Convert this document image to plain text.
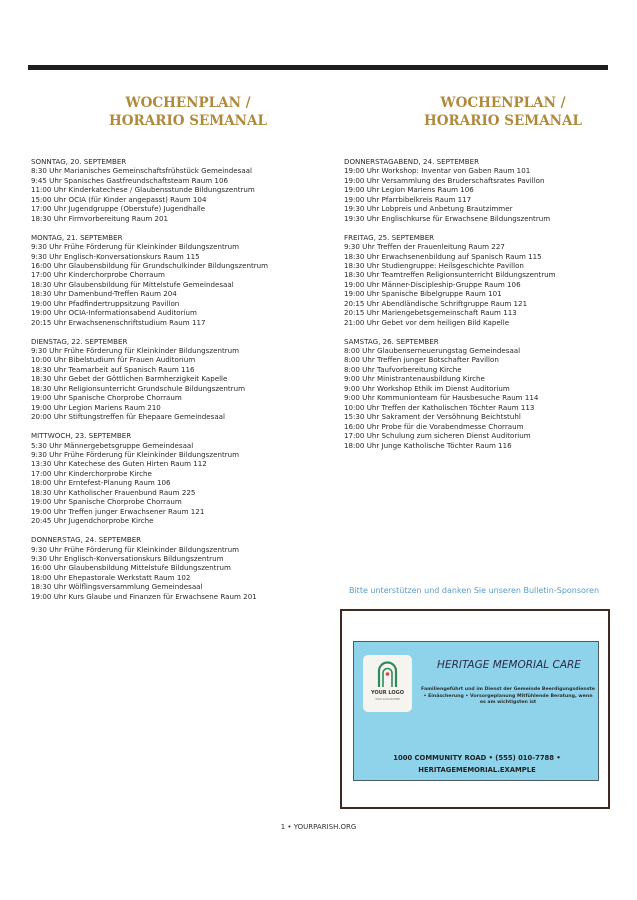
WOCHENPLAN /
HORARIO SEMANAL
WOCHENPLAN /
HORARIO SEMANAL
SONNTAG, 20. SEPTEMBER
8:30 Uhr Marianisches Gemeinschaftsfrühstück Gemeindesaal
9:45 Uhr Spanisches Gastfreundschaftsteam Raum 106
11:00 Uhr Kinderkatechese / Glaubensstunde Bildungszentrum
15:00 Uhr OCIA (für Kinder angepasst) Raum 104
17:00 Uhr Jugendgruppe (Oberstufe) Jugendhalle
18:30 Uhr Firmvorbereitung Raum 201
MONTAG, 21. SEPTEMBER
9:30 Uhr Frühe Förderung für Kleinkinder Bildungszentrum
9:30 Uhr Englisch-Konversationskurs Raum 115
16:00 Uhr Glaubensbildung für Grundschulkinder Bildungszentrum
17:00 Uhr Kinderchorprobe Chorraum
18:30 Uhr Glaubensbildung für Mittelstufe Gemeindesaal
18:30 Uhr Damenbund-Treffen Raum 204
19:00 Uhr Pfadfindertruppsitzung Pavillon
19:00 Uhr OCIA-Informationsabend Auditorium
20:15 Uhr Erwachsenenschriftstudium Raum 117
DIENSTAG, 22. SEPTEMBER
9:30 Uhr Frühe Förderung für Kleinkinder Bildungszentrum
10:00 Uhr Bibelstudium für Frauen Auditorium
18:30 Uhr Teamarbeit auf Spanisch Raum 116
18:30 Uhr Gebet der Göttlichen Barmherzigkeit Kapelle
18:30 Uhr Religionsunterricht Grundschule Bildungszentrum
19:00 Uhr Spanische Chorprobe Chorraum
19:00 Uhr Legion Mariens Raum 210
20:00 Uhr Stiftungstreffen für Ehepaare Gemeindesaal
MITTWOCH, 23. SEPTEMBER
5:30 Uhr Männergebetsgruppe Gemeindesaal
9:30 Uhr Frühe Förderung für Kleinkinder Bildungszentrum
13:30 Uhr Katechese des Guten Hirten Raum 112
17:00 Uhr Kinderchorprobe Kirche
18:00 Uhr Erntefest-Planung Raum 106
18:30 Uhr Katholischer Frauenbund Raum 225
19:00 Uhr Spanische Chorprobe Chorraum
19:00 Uhr Treffen junger Erwachsener Raum 121
20:45 Uhr Jugendchorprobe Kirche
DONNERSTAG, 24. SEPTEMBER
9:30 Uhr Frühe Förderung für Kleinkinder Bildungszentrum
9:30 Uhr Englisch-Konversationskurs Bildungszentrum
16:00 Uhr Glaubensbildung Mittelstufe Bildungszentrum
18:00 Uhr Ehepastorale Werkstatt Raum 102
18:30 Uhr Wölflingsversammlung Gemeindesaal
19:00 Uhr Kurs Glaube und Finanzen für Erwachsene Raum 201
DONNERSTAGABEND, 24. SEPTEMBER
19:00 Uhr Workshop: Inventar von Gaben Raum 101
19:00 Uhr Versammlung des Bruderschaftsrates Pavillon
19:00 Uhr Legion Mariens Raum 106
19:00 Uhr Pfarrbibelkreis Raum 117
19:30 Uhr Lobpreis und Anbetung Brautzimmer
19:30 Uhr Englischkurse für Erwachsene Bildungszentrum
FREITAG, 25. SEPTEMBER
9:30 Uhr Treffen der Frauenleitung Raum 227
18:30 Uhr Erwachsenenbildung auf Spanisch Raum 115
18:30 Uhr Studiengruppe: Heilsgeschichte Pavillon
18:30 Uhr Teamtreffen Religionsunterricht Bildungszentrum
19:00 Uhr Männer-Discipleship-Gruppe Raum 106
19:00 Uhr Spanische Bibelgruppe Raum 101
20:15 Uhr Abendländische Schriftgruppe Raum 121
20:15 Uhr Mariengebetsgemeinschaft Raum 113
21:00 Uhr Gebet vor dem heiligen Bild Kapelle
SAMSTAG, 26. SEPTEMBER
8:00 Uhr Glaubenserneuerungstag Gemeindesaal
8:00 Uhr Treffen junger Botschafter Pavillon
8:00 Uhr Taufvorbereitung Kirche
9:00 Uhr Ministrantenausbildung Kirche
9:00 Uhr Workshop Ethik im Dienst Auditorium
9:00 Uhr Kommunionteam für Hausbesuche Raum 114
10:00 Uhr Treffen der Katholischen Töchter Raum 113
15:30 Uhr Sakrament der Versöhnung Beichtstuhl
16:00 Uhr Probe für die Vorabendmesse Chorraum
17:00 Uhr Schulung zum sicheren Dienst Auditorium
18:00 Uhr Junge Katholische Töchter Raum 116
Bitte unterstützen und danken Sie unseren Bulletin-Sponsoren
YOUR LOGO
YOUR SLOGAN HERE
HERITAGE MEMORIAL CARE
Familiengeführt und im Dienst der Gemeinde Beerdigungsdienste • Einäscherung • Vorsorgeplanung Mitfühlende Beratung, wenn es am wichtigsten ist
1000 COMMUNITY ROAD • (555) 010-7788 •
HERITAGEMEMORIAL.EXAMPLE
1 • YOURPARISH.ORG
